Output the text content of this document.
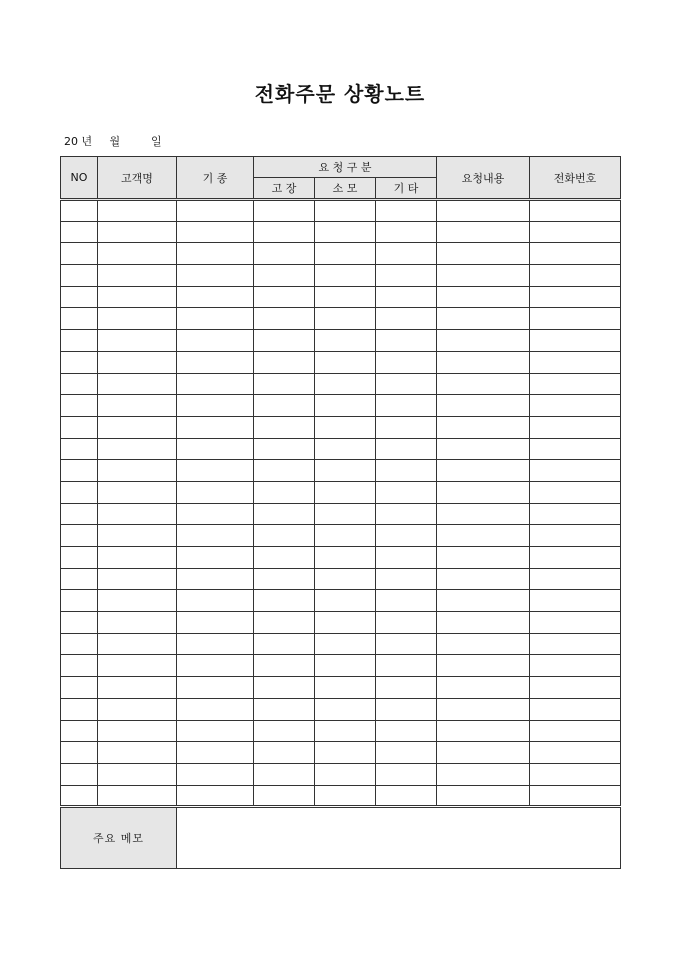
전화주문 상황노트
20 년 월	일
NO	고객명	기 종	요 청 구 분			요청내용	전화번호
			고 장	소 모	기 타		

주요 메모							
